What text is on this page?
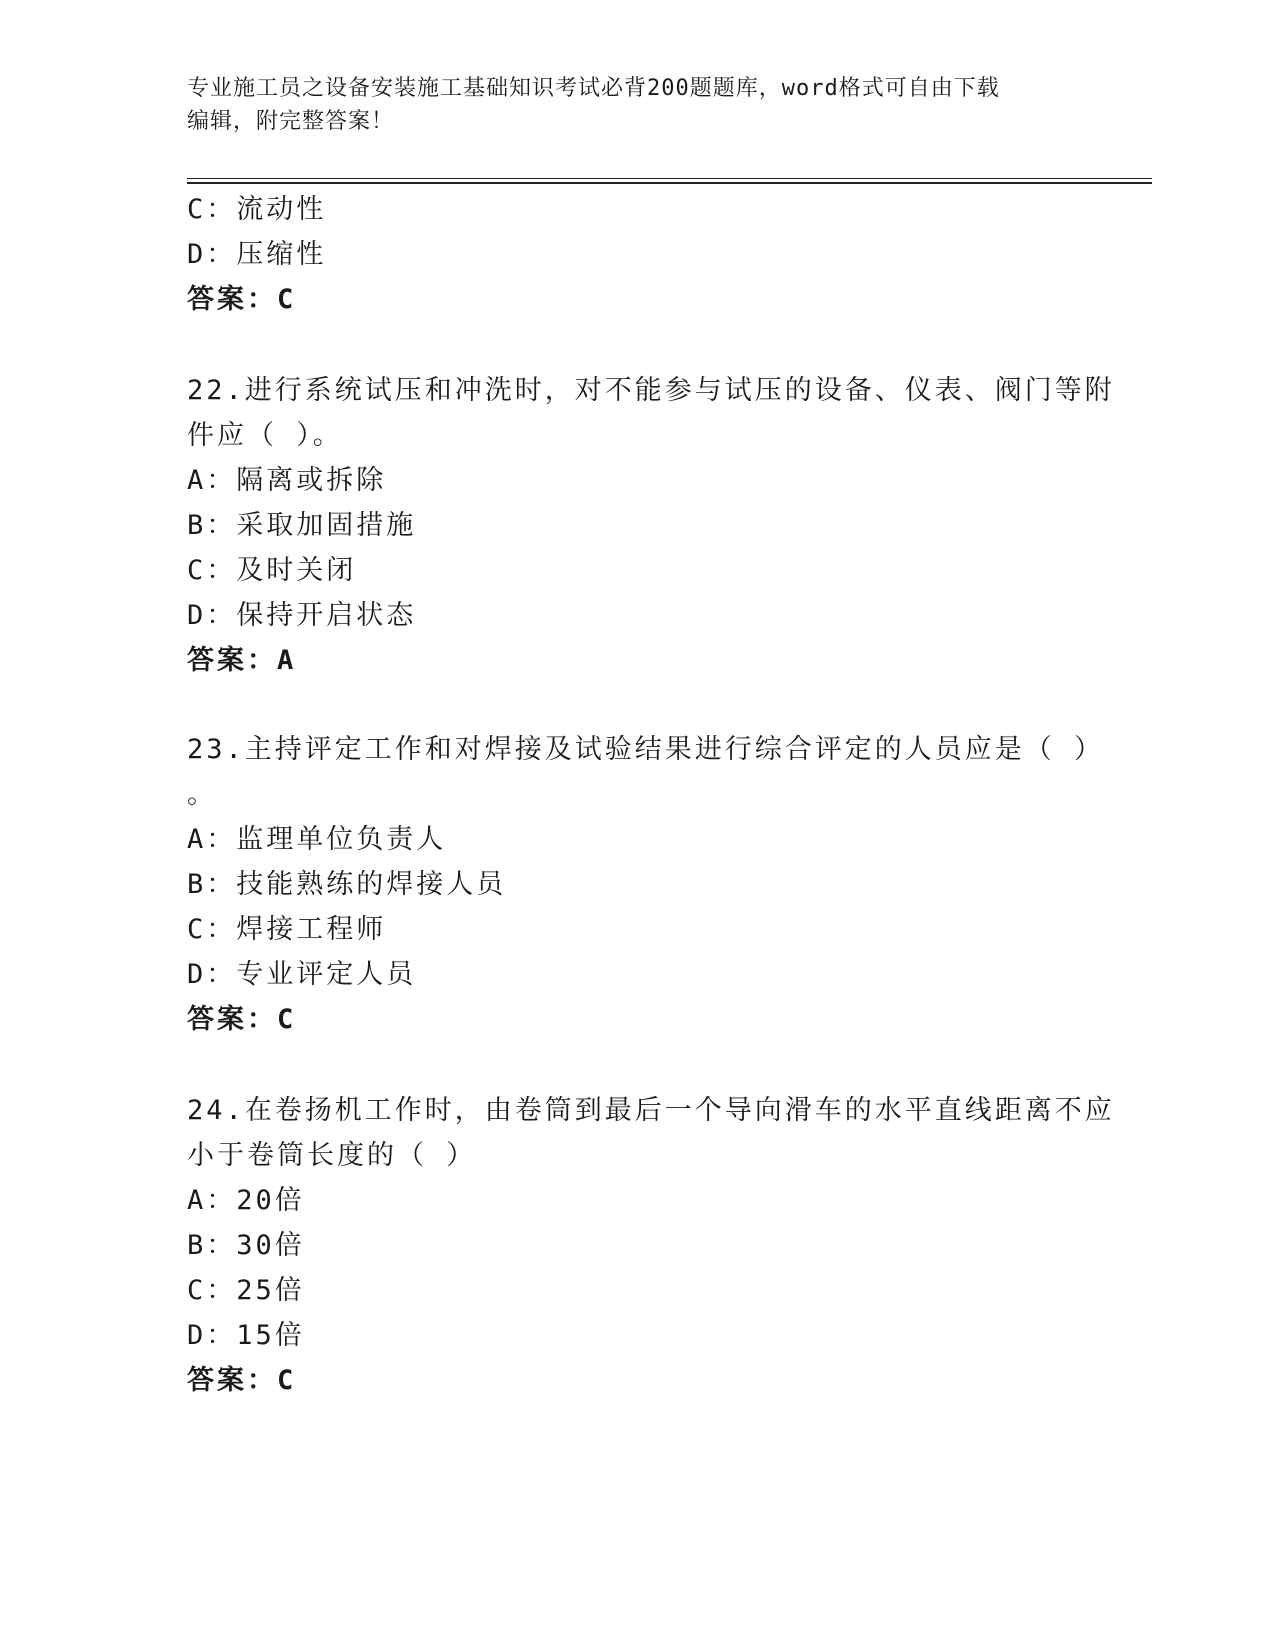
专业施工员之设备安装施工基础知识考试必背200题题库，word格式可自由下载
编辑，附完整答案！
C：流动性
D：压缩性
答案：C
22.进行系统试压和冲洗时，对不能参与试压的设备、仪表、阀门等附
件应（ ）。
A：隔离或拆除
B：采取加固措施
C：及时关闭
D：保持开启状态
答案：A
23.主持评定工作和对焊接及试验结果进行综合评定的人员应是（ ）
。
A：监理单位负责人
B：技能熟练的焊接人员
C：焊接工程师
D：专业评定人员
答案：C
24.在卷扬机工作时，由卷筒到最后一个导向滑车的水平直线距离不应
小于卷筒长度的（ ）
A：20倍
B：30倍
C：25倍
D：15倍
答案：C
